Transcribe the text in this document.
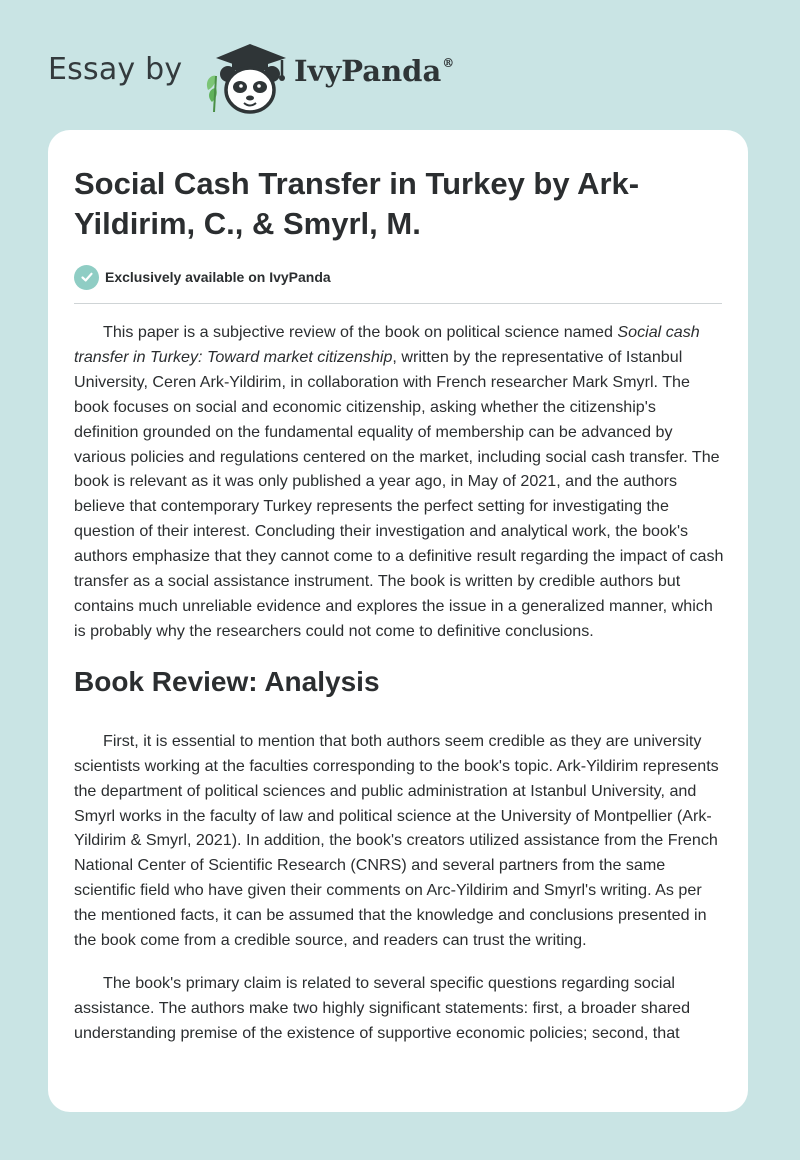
Essay by	IvyPanda®
Social Cash Transfer in Turkey by Ark-Yildirim, C., & Smyrl, M.
Exclusively available on IvyPanda

This paper is a subjective review of the book on political science named Social cash transfer in Turkey: Toward market citizenship, written by the representative of Istanbul University, Ceren Ark-Yildirim, in collaboration with French researcher Mark Smyrl. The book focuses on social and economic citizenship, asking whether the citizenship's definition grounded on the fundamental equality of membership can be advanced by various policies and regulations centered on the market, including social cash transfer. The book is relevant as it was only published a year ago, in May of 2021, and the authors believe that contemporary Turkey represents the perfect setting for investigating the question of their interest. Concluding their investigation and analytical work, the book's authors emphasize that they cannot come to a definitive result regarding the impact of cash transfer as a social assistance instrument. The book is written by credible authors but contains much unreliable evidence and explores the issue in a generalized manner, which is probably why the researchers could not come to definitive conclusions.

Book Review: Analysis

First, it is essential to mention that both authors seem credible as they are university scientists working at the faculties corresponding to the book's topic. Ark-Yildirim represents the department of political sciences and public administration at Istanbul University, and Smyrl works in the faculty of law and political science at the University of Montpellier (Ark-Yildirim & Smyrl, 2021). In addition, the book's creators utilized assistance from the French National Center of Scientific Research (CNRS) and several partners from the same scientific field who have given their comments on Arc-Yildirim and Smyrl's writing. As per the mentioned facts, it can be assumed that the knowledge and conclusions presented in the book come from a credible source, and readers can trust the writing.

The book's primary claim is related to several specific questions regarding social assistance. The authors make two highly significant statements: first, a broader shared understanding premise of the existence of supportive economic policies; second, that
